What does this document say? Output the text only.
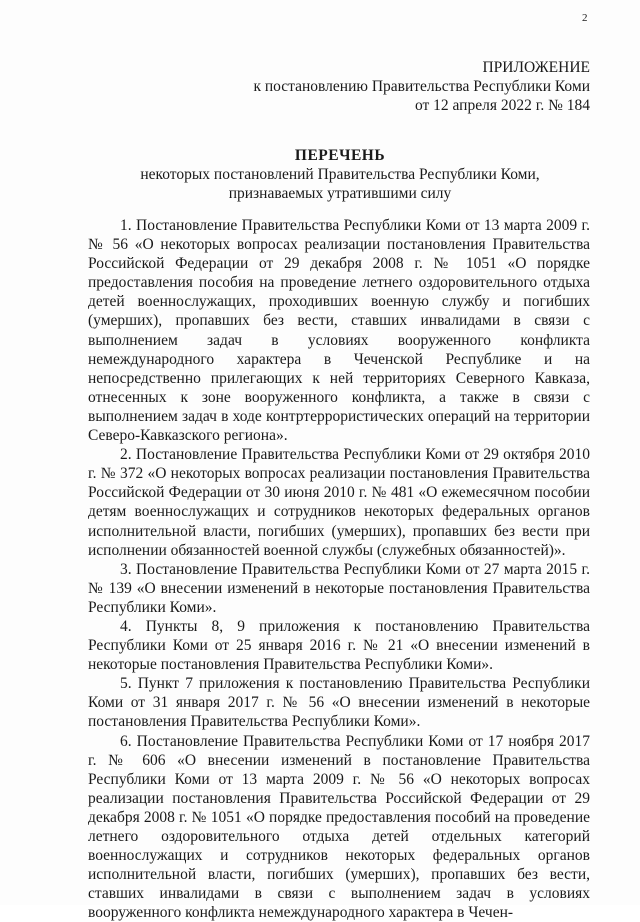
2
ПРИЛОЖЕНИЕ
к постановлению Правительства Республики Коми
от 12 апреля 2022 г. № 184
ПЕРЕЧЕНЬ
некоторых постановлений Правительства Республики Коми,
признаваемых утратившими силу

1. Постановление Правительства Республики Коми от 13 марта 2009 г. № 56 «О некоторых вопросах реализации постановления Правительства Российской Федерации от 29 декабря 2008 г. № 1051 «О порядке предоставления пособия на проведение летнего оздоровительного отдыха детей военнослужащих, проходивших военную службу и погибших (умерших), пропавших без вести, ставших инвалидами в связи с выполнением задач в условиях вооруженного конфликта немеждународного характера в Чеченской Республике и на непосредственно прилегающих к ней территориях Северного Кавказа, отнесенных к зоне вооруженного конфликта, а также в связи с выполнением задач в ходе контртеррористических операций на территории Северо-Кавказского региона».

2. Постановление Правительства Республики Коми от 29 октября 2010 г. № 372 «О некоторых вопросах реализации постановления Правительства Российской Федерации от 30 июня 2010 г. № 481 «О ежемесячном пособии детям военнослужащих и сотрудников некоторых федеральных органов исполнительной власти, погибших (умерших), пропавших без вести при исполнении обязанностей военной службы (служебных обязанностей)».

3. Постановление Правительства Республики Коми от 27 марта 2015 г. № 139 «О внесении изменений в некоторые постановления Правительства Республики Коми».

4. Пункты 8, 9 приложения к постановлению Правительства Республики Коми от 25 января 2016 г. № 21 «О внесении изменений в некоторые постановления Правительства Республики Коми».

5. Пункт 7 приложения к постановлению Правительства Республики Коми от 31 января 2017 г. № 56 «О внесении изменений в некоторые постановления Правительства Республики Коми».

6. Постановление Правительства Республики Коми от 17 ноября 2017 г. № 606 «О внесении изменений в постановление Правительства Республики Коми от 13 марта 2009 г. № 56 «О некоторых вопросах реализации постановления Правительства Российской Федерации от 29 декабря 2008 г. № 1051 «О порядке предоставления пособий на проведение летнего оздоровительного отдыха детей отдельных категорий военнослужащих и сотрудников некоторых федеральных органов исполнительной власти, погибших (умерших), пропавших без вести, ставших инвалидами в связи с выполнением задач в условиях вооруженного конфликта немеждународного характера в Чечен-
